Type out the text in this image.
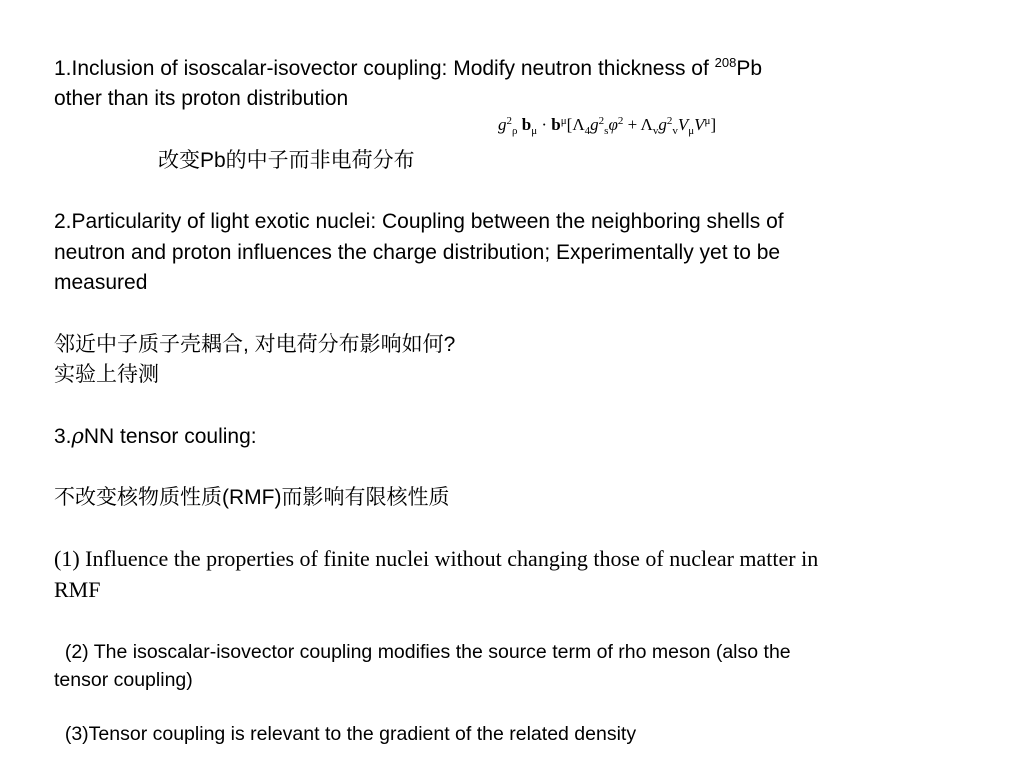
1.Inclusion of isoscalar-isovector coupling: Modify neutron thickness of $^{208}$Pb
other than its proton distribution
$g^2_\rho$ $b_\mu \cdot b^\mu[\Lambda_4g^2_s\varphi^2 + \Lambda_vg^2_vV_\mu V^\mu]$
改变Pb的中子而非电荷分布
2.Particularity of light exotic nuclei: Coupling between the neighboring shells of
neutron and proton influences the charge distribution; Experimentally yet to be
measured
邻近中子质子壳耦合, 对电荷分布影响如何?
实验上待测
3.ρNN tensor couling:
不改变核物质性质(RMF)而影响有限核性质
(1) Influence the properties of finite nuclei without changing those of nuclear matter in
RMF
(2) The isoscalar-isovector coupling modifies the source term of rho meson (also the
tensor coupling)
(3)Tensor coupling is relevant to the gradient of the related density
